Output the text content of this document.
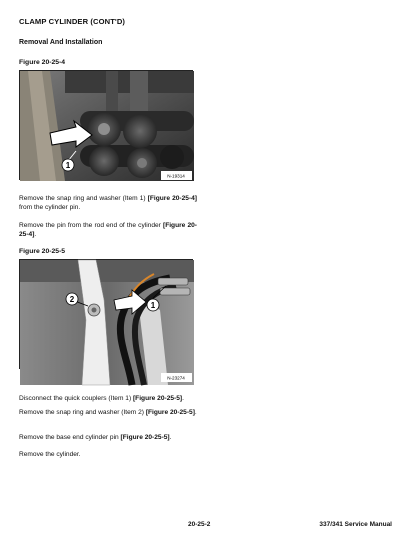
CLAMP CYLINDER (CONT'D)
Removal And Installation
Figure 20-25-4
1
N-19314

Remove the snap ring and washer (Item 1) [Figure 20-25-4] from the cylinder pin.

Remove the pin from the rod end of the cylinder [Figure 20-25-4].

Figure 20-25-5
2
1
N-23274

Disconnect the quick couplers (Item 1) [Figure 20-25-5].

Remove the snap ring and washer (Item 2) [Figure 20-25-5].

Remove the base end cylinder pin [Figure 20-25-5].

Remove the cylinder.

20-25-2	337/341 Service Manual
